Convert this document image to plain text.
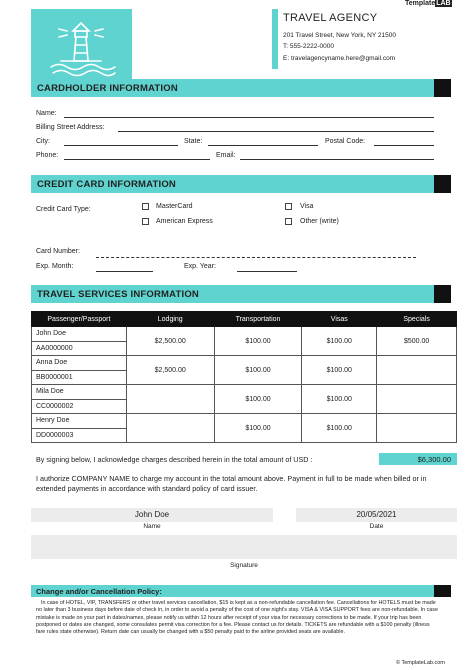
TemplateLAB
TRAVEL AGENCY
201 Travel Street, New York, NY 21500
T: 555-2222-0000
E: travelagencyname.here@gmail.com
CARDHOLDER INFORMATION
Name:
Billing Street Address:
City:	State:	Postal Code:
Phone:	Email:
CREDIT CARD INFORMATION
Credit Card Type:	MasterCard	Visa
American Express	Other (write)
Card Number:
Exp. Month:	Exp. Year:
TRAVEL SERVICES INFORMATION
Passenger/Passport	Lodging	Transportation	Visas	Specials
John Doe	$2,500.00	$100.00	$100.00	$500.00
AA0000000				
Anna Doe	$2,500.00	$100.00	$100.00	
BB0000001				
Mila Doe		$100.00	$100.00	
CC0000002				
Henry Doe		$100.00	$100.00	
DD0000003				
By signing below, I acknowledge charges described herein in the total amount of USD :	$6,300.00
I authorize COMPANY NAME to charge my account in the total amount above. Payment in full to be made when billed or in extended payments in accordance with standard policy of card issuer.
John Doe
Name
20/05/2021
Date
Signature
Change and/or Cancellation Policy:
In case of HOTEL, VIP, TRANSFERS or other travel services cancellation, $15 is kept as a non-refundable cancellation fee. Cancellations for HOTELS must be made no later than 3 business days before date of check in, in order to avoid a penalty of the cost of one night's stay. VISA & VISA SUPPORT fees are non-refundable. In case mistake is made on your part in dates/names, please notify us within 12 hours after receipt of your visa for necessary corrections to be made. If your trip has been postponed or dates are changed, some consulates permit visa correction for a fee. Please contact us for details. TICKETS are refundable with a $100 penalty (illness fare rules state otherwise). Return date can usually be changed with a $50 penalty paid to the airline provided seats are available.
© TemplateLab.com
